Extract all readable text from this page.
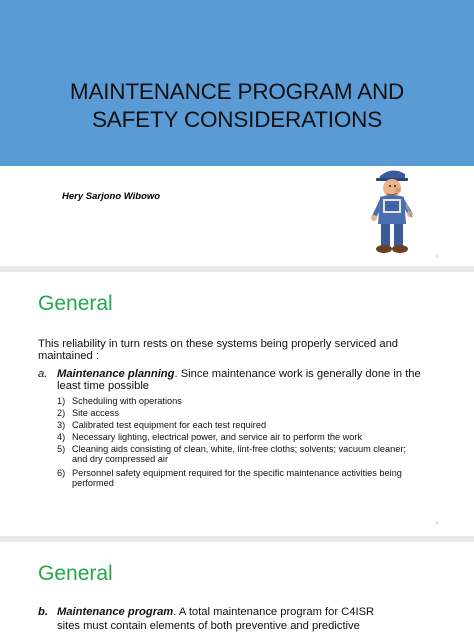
MAINTENANCE PROGRAM AND
SAFETY CONSIDERATIONS
Hery Sarjono Wibowo
1
General
This reliability in turn rests on these systems being properly serviced and
maintained :
a. Maintenance planning. Since maintenance work is generally done in the
least time possible
1) Scheduling with operations
2) Site access
3) Calibrated test equipment for each test required
4) Necessary lighting, electrical power, and service air to perform the work
5) Cleaning aids consisting of clean, white, lint-free cloths; solvents; vacuum cleaner;
and dry compressed air
6) Personnel safety equipment required for the specific maintenance activities being
performed
2
General
b. Maintenance program. A total maintenance program for C4ISR
sites must contain elements of both preventive and predictive
